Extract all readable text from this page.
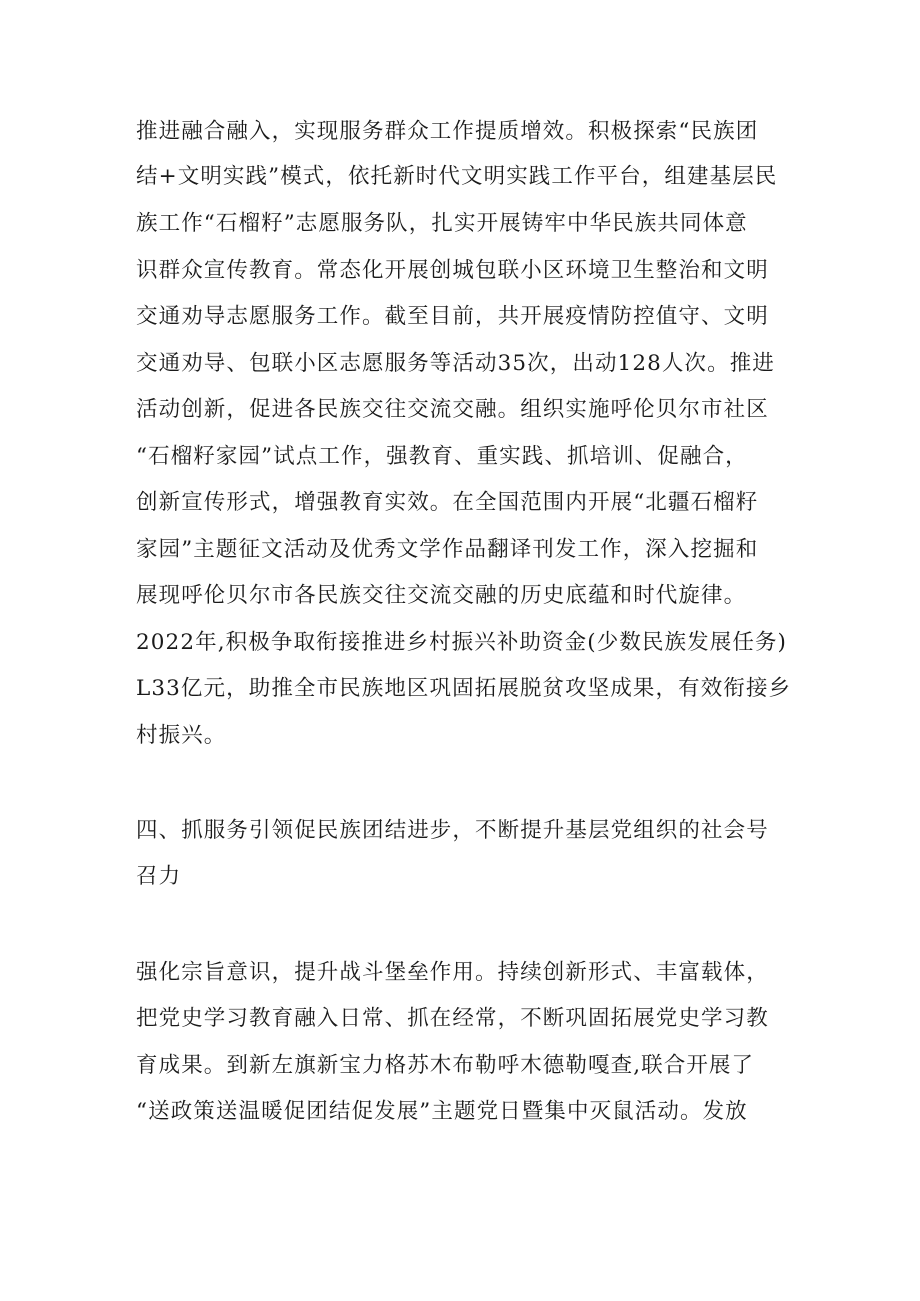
推进融合融入，实现服务群众工作提质增效。积极探索“民族团
结+文明实践”模式，依托新时代文明实践工作平台，组建基层民
族工作“石榴籽”志愿服务队，扎实开展铸牢中华民族共同体意
识群众宣传教育。常态化开展创城包联小区环境卫生整治和文明
交通劝导志愿服务工作。截至目前，共开展疫情防控值守、文明
交通劝导、包联小区志愿服务等活动35次，出动128人次。推进
活动创新，促进各民族交往交流交融。组织实施呼伦贝尔市社区
“石榴籽家园”试点工作，强教育、重实践、抓培训、促融合，
创新宣传形式，增强教育实效。在全国范围内开展“北疆石榴籽
家园”主题征文活动及优秀文学作品翻译刊发工作，深入挖掘和
展现呼伦贝尔市各民族交往交流交融的历史底蕴和时代旋律。
2022年,积极争取衔接推进乡村振兴补助资金(少数民族发展任务)
L33亿元，助推全市民族地区巩固拓展脱贫攻坚成果，有效衔接乡
村振兴。
四、抓服务引领促民族团结进步，不断提升基层党组织的社会号
召力
强化宗旨意识，提升战斗堡垒作用。持续创新形式、丰富载体，
把党史学习教育融入日常、抓在经常，不断巩固拓展党史学习教
育成果。到新左旗新宝力格苏木布勒呼木德勒嘎查,联合开展了
“送政策送温暖促团结促发展”主题党日暨集中灭鼠活动。发放
